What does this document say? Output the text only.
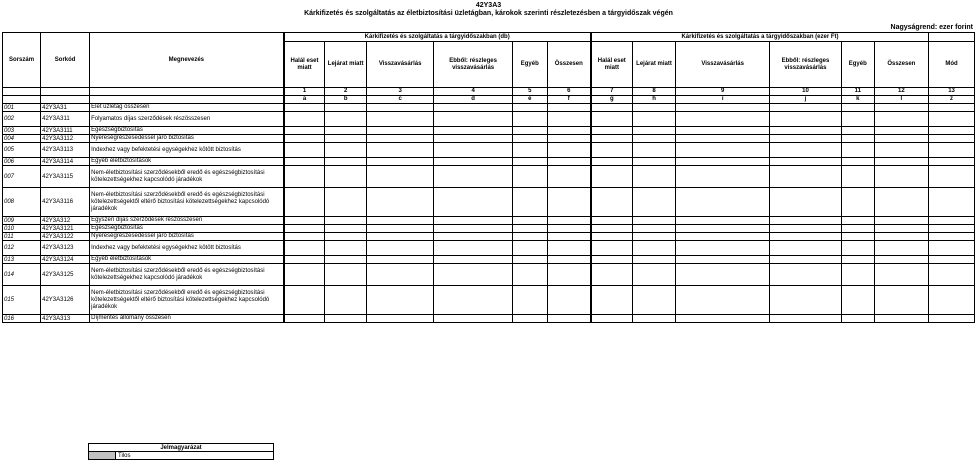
42Y3A3
Kárkifizetés és szolgáltatás az életbiztosítási üzletágban, károkok szerinti részletezésben a tárgyidőszak végén
Nagyságrend: ezer forint
Sorszám	Sorkód	Megnevezés	Kárkifizetés és szolgáltatás a tárgyidőszakban (db)						Kárkifizetés és szolgáltatás a tárgyidőszakban (ezer Ft)						
			Halál eset miatt	Lejárat miatt	Visszavásárlás	Ebből: részleges visszavásárlás	Egyéb	Összesen	Halál eset miatt	Lejárat miatt	Visszavásárlás	Ebből: részleges visszavásárlás	Egyéb	Összesen	Mód
			1	2	3	4	5	6	7	8	9	10	11	12	13
			a	b	c	d	e	f	g	h	i	j	k	l	z
001	42Y3A31	Élet üzletág összesen													
002	42Y3A311	Folyamatos díjas szerződések részösszesen													
003	42Y3A3111	Egészségbiztosítás													
004	42Y3A3112	Nyereségrészesedéssel járó biztosítás													
005	42Y3A3113	Indexhez vagy befektetési egységekhez kötött biztosítás													
006	42Y3A3114	Egyéb életbiztosítások													
007	42Y3A3115	Nem-életbiztosítási szerződésekből eredő és egészségbiztosítási kötelezettségekhez kapcsolódó járadékok													
008	42Y3A3116	Nem-életbiztosítási szerződésekből eredő és egészségbiztosítási kötelezettségektől eltérő biztosítási kötelezettségekhez kapcsolódó járadékok													
009	42Y3A312	Egyszeri díjas szerződések részösszesen													
010	42Y3A3121	Egészségbiztosítás													
011	42Y3A3122	Nyereségrészesedéssel járó biztosítás													
012	42Y3A3123	Indexhez vagy befektetési egységekhez kötött biztosítás													
013	42Y3A3124	Egyéb életbiztosítások													
014	42Y3A3125	Nem-életbiztosítási szerződésekből eredő és egészségbiztosítási kötelezettségekhez kapcsolódó járadékok													
015	42Y3A3126	Nem-életbiztosítási szerződésekből eredő és egészségbiztosítási kötelezettségektől eltérő biztosítási kötelezettségekhez kapcsolódó járadékok													
016	42Y3A313	Díjmentes állomány összesen													
Jelmagyarázat
	Tilos
